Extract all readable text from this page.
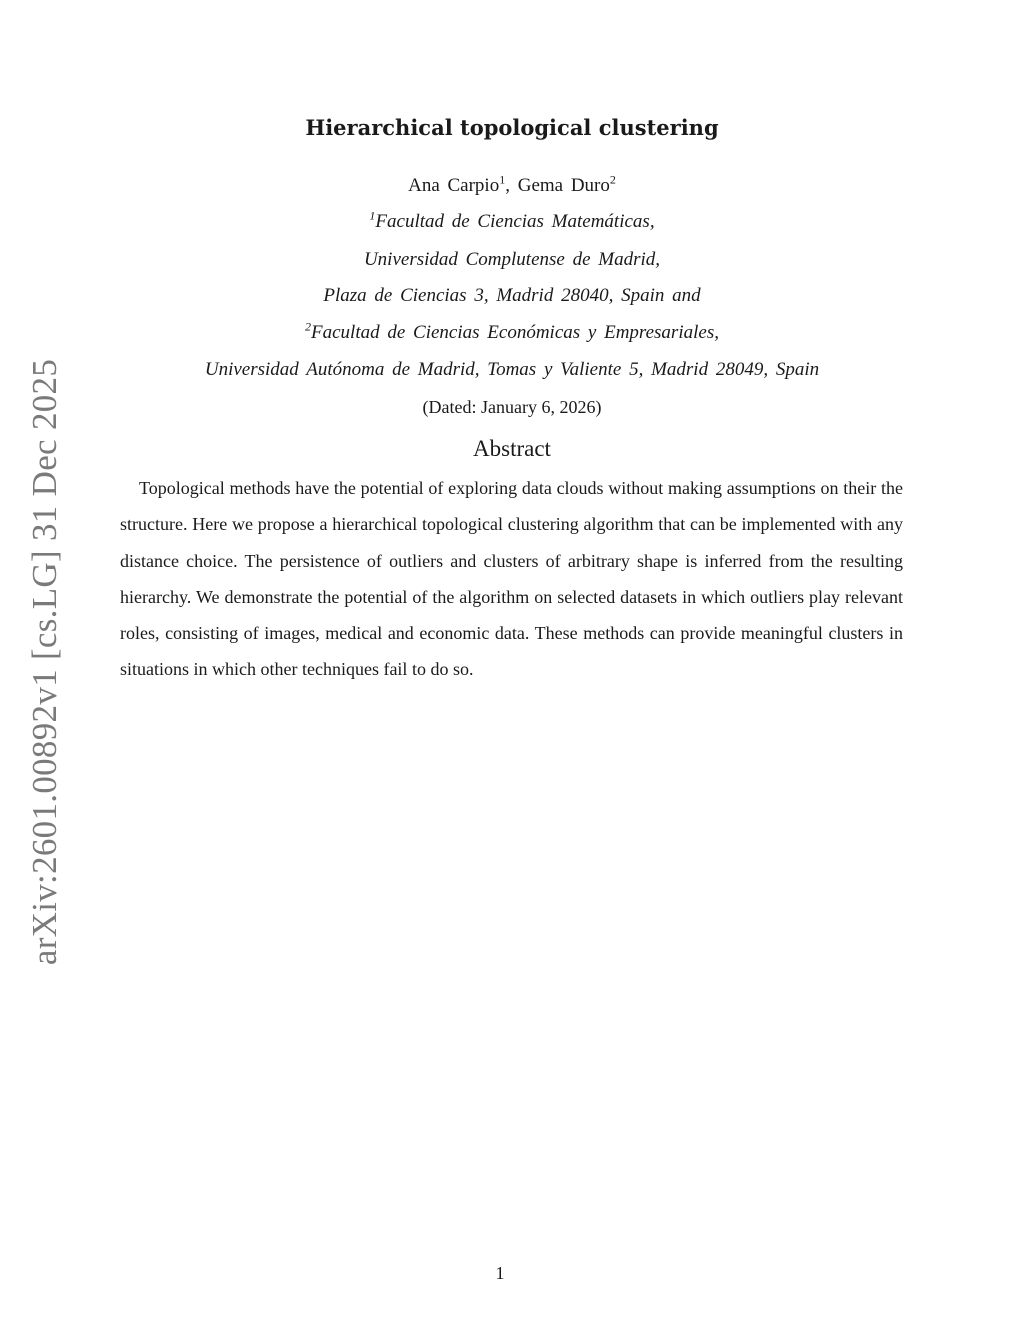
arXiv:2601.00892v1 [cs.LG] 31 Dec 2025
Hierarchical topological clustering
Ana Carpio$^1$, Gema Duro$^2$
$^1$Facultad de Ciencias Matemáticas,
Universidad Complutense de Madrid,
Plaza de Ciencias 3, Madrid 28040, Spain and
$^2$Facultad de Ciencias Económicas y Empresariales,
Universidad Autónoma de Madrid, Tomas y Valiente 5, Madrid 28049, Spain
(Dated: January 6, 2026)
Abstract

Topological methods have the potential of exploring data clouds without making assumptions on their the structure. Here we propose a hierarchical topological clustering algorithm that can be implemented with any distance choice. The persistence of outliers and clusters of arbitrary shape is inferred from the resulting hierarchy. We demonstrate the potential of the algorithm on selected datasets in which outliers play relevant roles, consisting of images, medical and economic data. These methods can provide meaningful clusters in situations in which other techniques fail to do so.

1
